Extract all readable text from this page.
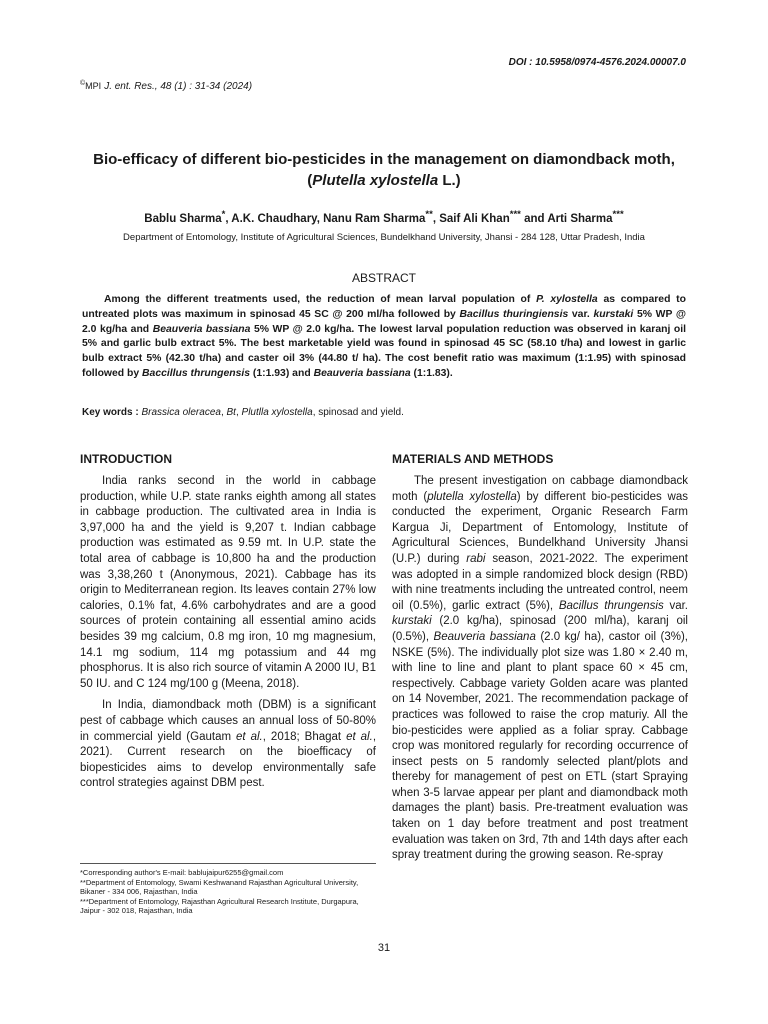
DOI : 10.5958/0974-4576.2024.00007.0
©MPI J. ent. Res., 48 (1) : 31-34 (2024)
Bio-efficacy of different bio-pesticides in the management on diamondback moth, (Plutella xylostella L.)
Bablu Sharma*, A.K. Chaudhary, Nanu Ram Sharma**, Saif Ali Khan*** and Arti Sharma***
Department of Entomology, Institute of Agricultural Sciences, Bundelkhand University, Jhansi - 284 128, Uttar Pradesh, India
ABSTRACT

Among the different treatments used, the reduction of mean larval population of P. xylostella as compared to untreated plots was maximum in spinosad 45 SC @ 200 ml/ha followed by Bacillus thuringiensis var. kurstaki 5% WP @ 2.0 kg/ha and Beauveria bassiana 5% WP @ 2.0 kg/ha. The lowest larval population reduction was observed in karanj oil 5% and garlic bulb extract 5%. The best marketable yield was found in spinosad 45 SC (58.10 t/ha) and lowest in garlic bulb extract 5% (42.30 t/ha) and caster oil 3% (44.80 t/ ha). The cost benefit ratio was maximum (1:1.95) with spinosad followed by Baccillus thrungensis (1:1.93) and Beauveria bassiana (1:1.83).

Key words : Brassica oleracea, Bt, Plutlla xylostella, spinosad and yield.

INTRODUCTION

India ranks second in the world in cabbage production, while U.P. state ranks eighth among all states in cabbage production. The cultivated area in India is 3,97,000 ha and the yield is 9,207 t. Indian cabbage production was estimated as 9.59 mt. In U.P. state the total area of cabbage is 10,800 ha and the production was 3,38,260 t (Anonymous, 2021). Cabbage has its origin to Mediterranean region. Its leaves contain 27% low calories, 0.1% fat, 4.6% carbohydrates and are a good sources of protein containing all essential amino acids besides 39 mg calcium, 0.8 mg iron, 10 mg magnesium, 14.1 mg sodium, 114 mg potassium and 44 mg phosphorus. It is also rich source of vitamin A 2000 IU, B1 50 IU. and C 124 mg/100 g (Meena, 2018).

In India, diamondback moth (DBM) is a significant pest of cabbage which causes an annual loss of 50-80% in commercial yield (Gautam et al., 2018; Bhagat et al., 2021). Current research on the bioefficacy of biopesticides aims to develop environmentally safe control strategies against DBM pest.

MATERIALS AND METHODS

The present investigation on cabbage diamondback moth (plutella xylostella) by different bio-pesticides was conducted the experiment, Organic Research Farm Kargua Ji, Department of Entomology, Institute of Agricultural Sciences, Bundelkhand University Jhansi (U.P.) during rabi season, 2021-2022. The experiment was adopted in a simple randomized block design (RBD) with nine treatments including the untreated control, neem oil (0.5%), garlic extract (5%), Bacillus thrungensis var. kurstaki (2.0 kg/ha), spinosad (200 ml/ha), karanj oil (0.5%), Beauveria bassiana (2.0 kg/ ha), castor oil (3%), NSKE (5%). The individually plot size was 1.80 × 2.40 m, with line to line and plant to plant space 60 × 45 cm, respectively. Cabbage variety Golden acare was planted on 14 November, 2021. The recommendation package of practices was followed to raise the crop maturiy. All the bio-pesticides were applied as a foliar spray. Cabbage crop was monitored regularly for recording occurrence of insect pests on 5 randomly selected plant/plots and thereby for management of pest on ETL (start Spraying when 3-5 larvae appear per plant and diamondback moth damages the plant) basis. Pre-treatment evaluation was taken on 1 day before treatment and post treatment evaluation was taken on 3rd, 7th and 14th days after each spray treatment during the growing season. Re-spray

*Corresponding author's E-mail: bablujaipur6255@gmail.com
**Department of Entomology, Swami Keshwanand Rajasthan Agricultural University, Bikaner - 334 006, Rajasthan, India
***Department of Entomology, Rajasthan Agricultural Research Institute, Durgapura, Jaipur - 302 018, Rajasthan, India
31
